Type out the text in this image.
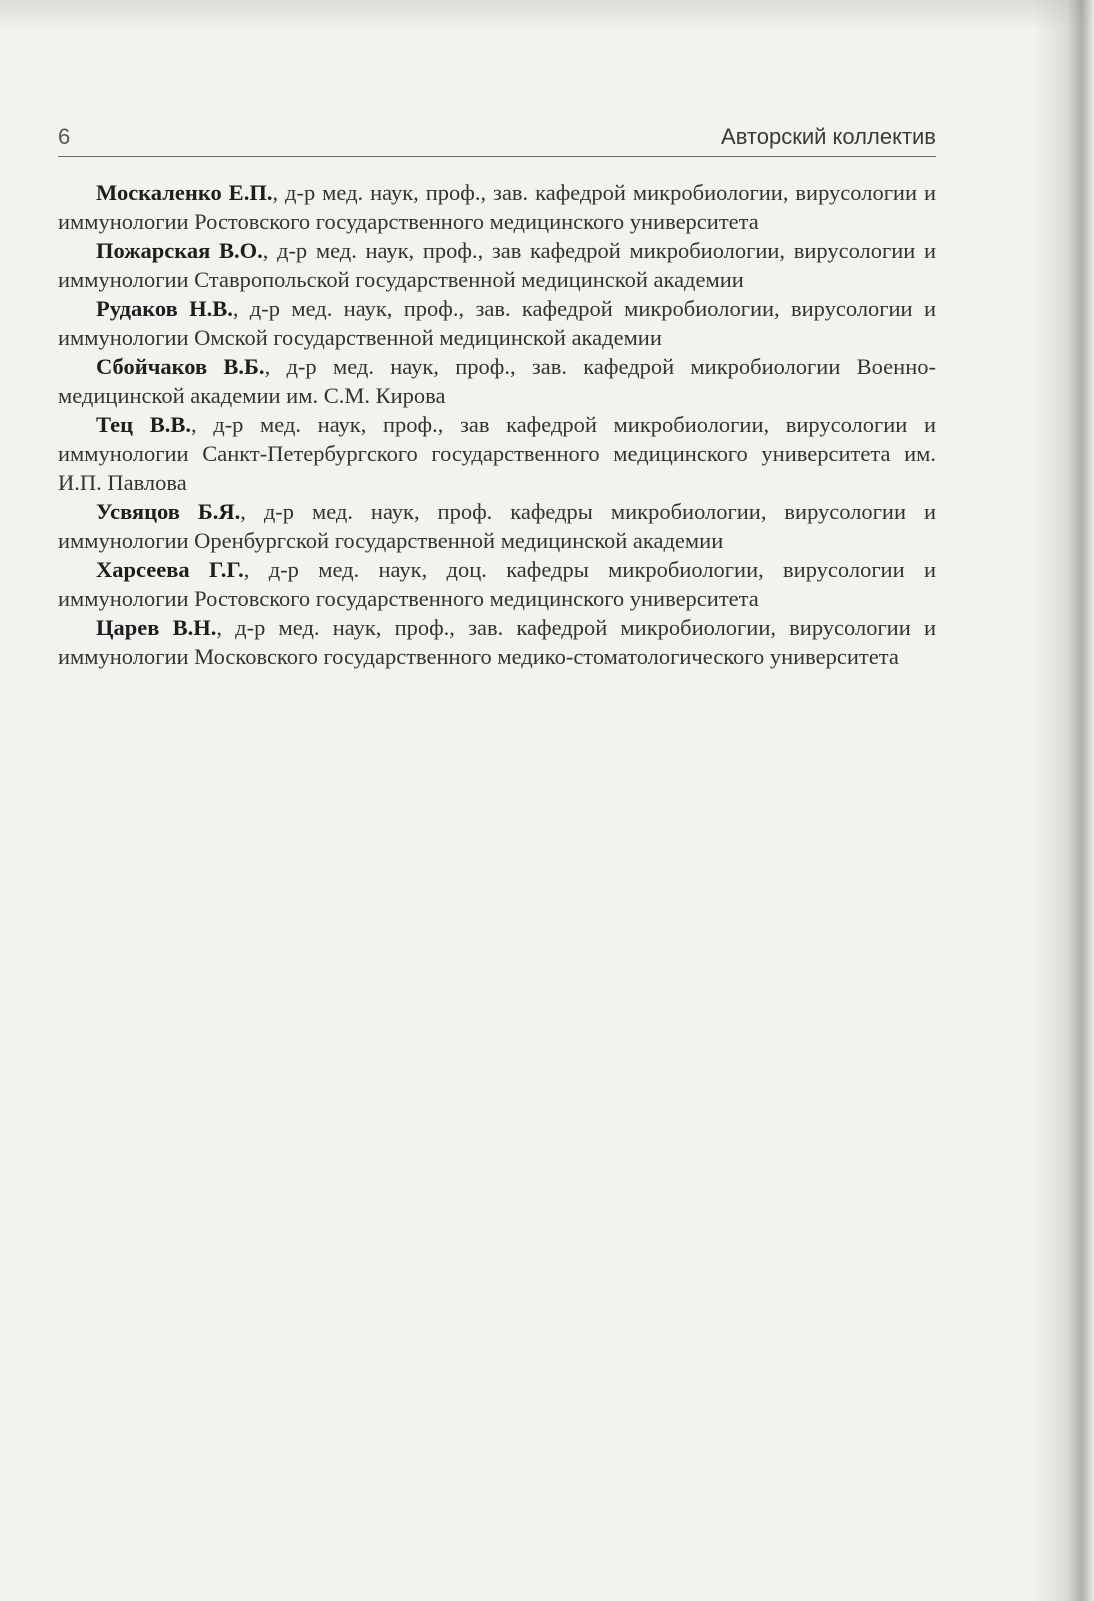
6	Авторский коллектив

Москаленко Е.П., д-р мед. наук, проф., зав. кафедрой микробиологии, вирусологии и иммунологии Ростовского государственного медицинского университета

Пожарская В.О., д-р мед. наук, проф., зав кафедрой микробиологии, вирусологии и иммунологии Ставропольской государственной медицинской академии

Рудаков Н.В., д-р мед. наук, проф., зав. кафедрой микробиологии, вирусологии и иммунологии Омской государственной медицинской академии

Сбойчаков В.Б., д-р мед. наук, проф., зав. кафедрой микробиологии Военно-медицинской академии им. С.М. Кирова

Тец В.В., д-р мед. наук, проф., зав кафедрой микробиологии, вирусологии и иммунологии Санкт-Петербургского государственного медицинского университета им. И.П. Павлова

Усвяцов Б.Я., д-р мед. наук, проф. кафедры микробиологии, вирусологии и иммунологии Оренбургской государственной медицинской академии

Харсеева Г.Г., д-р мед. наук, доц. кафедры микробиологии, вирусологии и иммунологии Ростовского государственного медицинского университета

Царев В.Н., д-р мед. наук, проф., зав. кафедрой микробиологии, вирусологии и иммунологии Московского государственного медико-стоматологического университета
